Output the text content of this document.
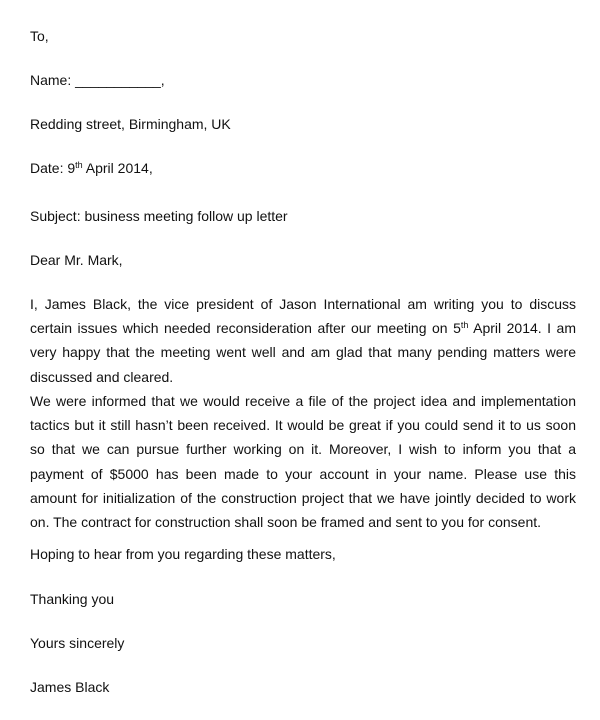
To,
Name: ___________,
Redding street, Birmingham, UK
Date: 9th April 2014,
Subject: business meeting follow up letter
Dear Mr. Mark,
I, James Black, the vice president of Jason International am writing you to discuss certain issues which needed reconsideration after our meeting on 5th April 2014. I am very happy that the meeting went well and am glad that many pending matters were discussed and cleared.
We were informed that we would receive a file of the project idea and implementation tactics but it still hasn’t been received. It would be great if you could send it to us soon so that we can pursue further working on it. Moreover, I wish to inform you that a payment of $5000 has been made to your account in your name. Please use this amount for initialization of the construction project that we have jointly decided to work on. The contract for construction shall soon be framed and sent to you for consent.
Hoping to hear from you regarding these matters,
Thanking you
Yours sincerely
James Black
